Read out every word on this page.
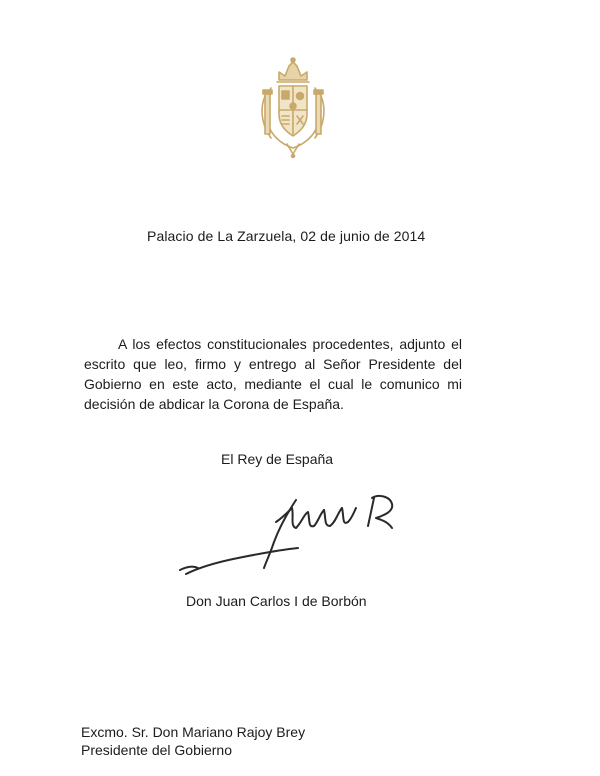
Palacio de La Zarzuela, 02 de junio de 2014
A los efectos constitucionales procedentes, adjunto el escrito que leo, firmo y entrego al Señor Presidente del Gobierno en este acto, mediante el cual le comunico mi decisión de abdicar la Corona de España.
El Rey de España
Don Juan Carlos I de Borbón
Excmo. Sr. Don Mariano Rajoy Brey
Presidente del Gobierno
